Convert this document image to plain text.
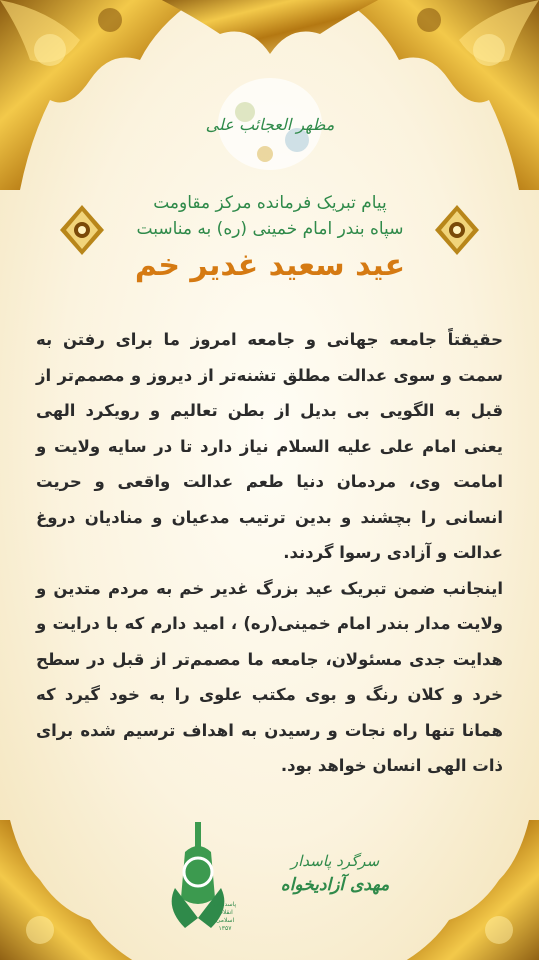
مظهر العجائب علی
پیام تبریک فرمانده مرکز مقاومت
سپاه بندر امام خمینی (ره) به مناسبت
عید سعید غدیر خم

حقیقتاً جامعه جهانی و جامعه امروز ما برای رفتن به سمت و سوی عدالت مطلق تشنه‌تر از دیروز و مصمم‌تر از قبل به الگویی بی بدیل از بطن تعالیم و رویکرد الهی یعنی امام علی علیه السلام نیاز دارد تا در سایه ولایت و امامت وی، مردمان دنیا طعم عدالت واقعی و حریت انسانی را بچشند و بدین ترتیب مدعیان و منادیان دروغ عدالت و آزادی رسوا گردند.

اینجانب ضمن تبریک عید بزرگ غدیر خم به مردم متدین و ولایت مدار بندر امام خمینی(ره) ، امید دارم که با درایت و هدایت جدی مسئولان، جامعه ما مصمم‌تر از قبل در سطح خرد و کلان رنگ و بوی مکتب علوی را به خود گیرد که همانا تنها راه نجات و رسیدن به اهداف ترسیم شده برای ذات الهی انسان خواهد بود.

پاسداران
انقلاب
اسلامی
۱۳۵۷
سرگرد پاسدار
مهدی آزادیخواه
